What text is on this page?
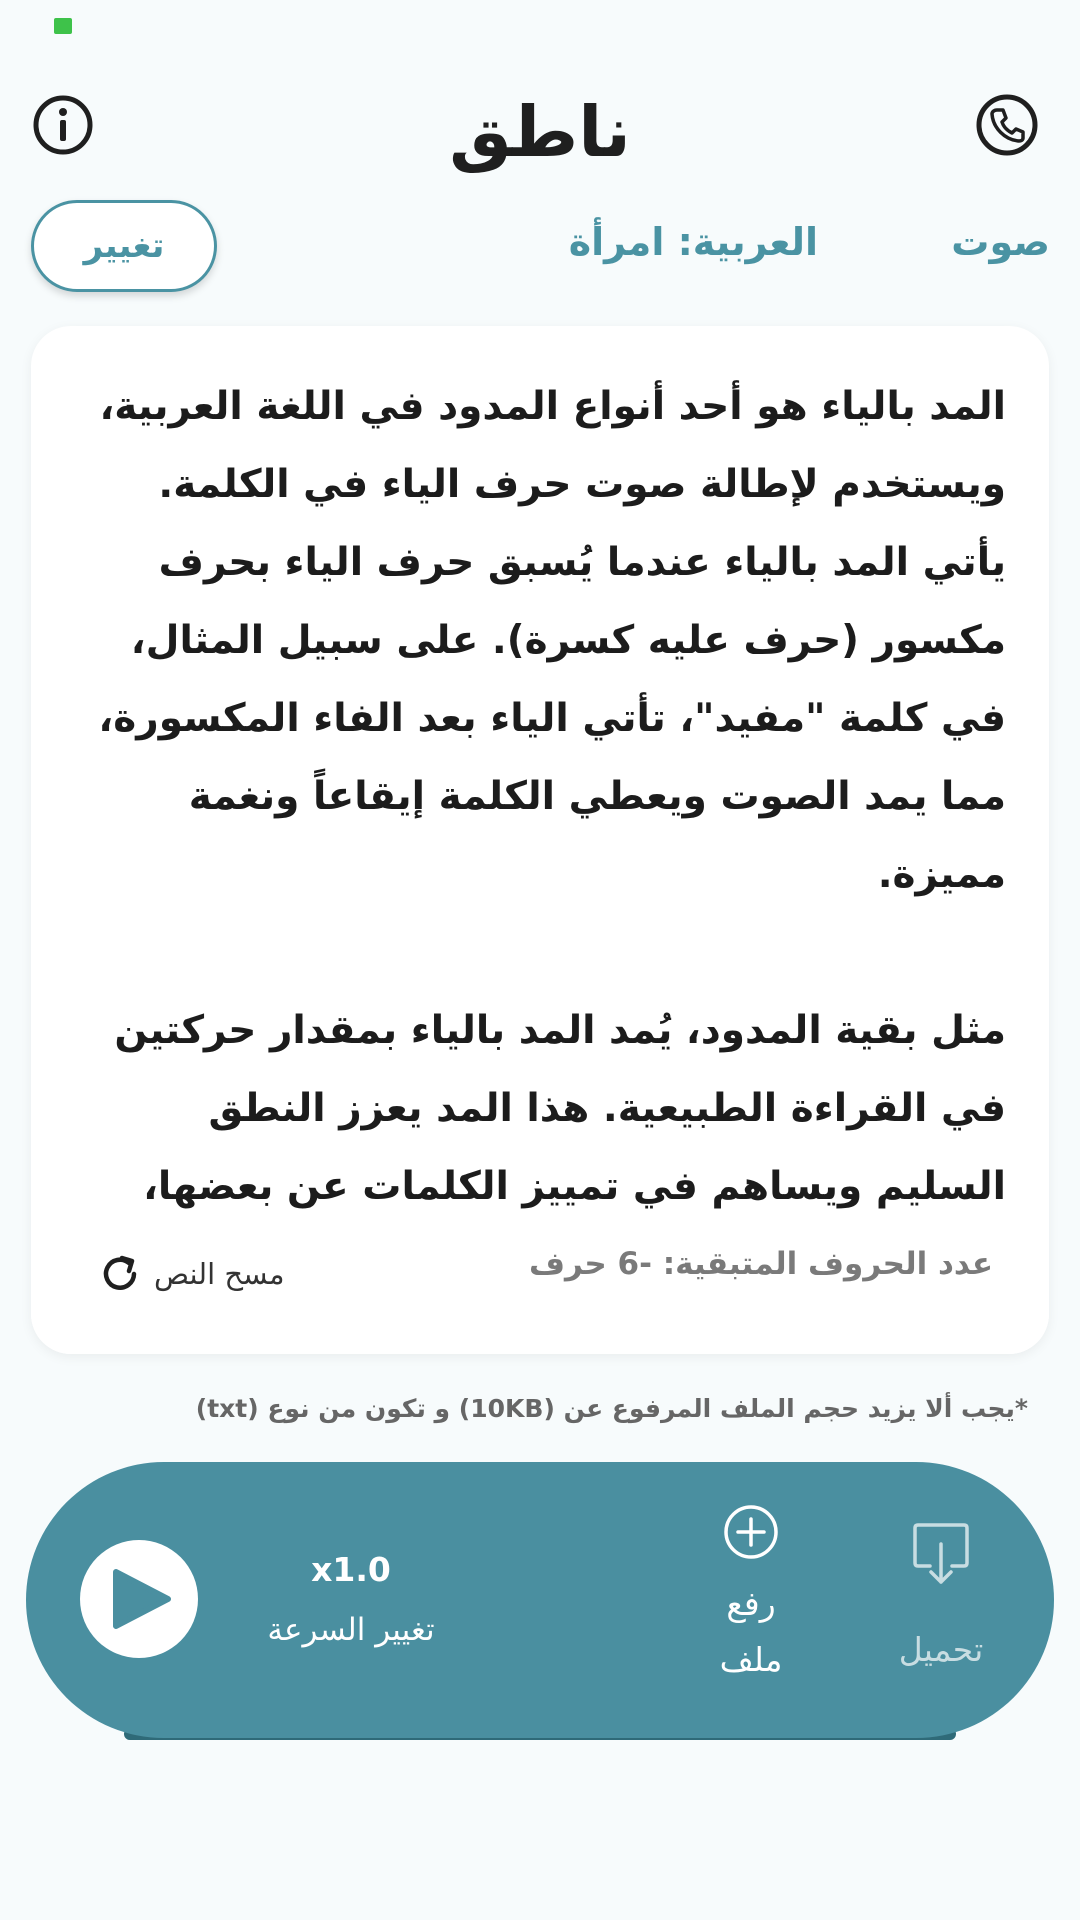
ناطق
صوت
العربية: امرأة
تغيير

المد بالياء هو أحد أنواع المدود في اللغة العربية، ويستخدم لإطالة صوت حرف الياء في الكلمة. يأتي المد بالياء عندما يُسبق حرف الياء بحرف مكسور (حرف عليه كسرة). على سبيل المثال، في كلمة "مفيد"، تأتي الياء بعد الفاء المكسورة، مما يمد الصوت ويعطي الكلمة إيقاعاً ونغمة مميزة.

مثل بقية المدود، يُمد المد بالياء بمقدار حركتين في القراءة الطبيعية. هذا المد يعزز النطق السليم ويساهم في تمييز الكلمات عن بعضها،

عدد الحروف المتبقية: -6 حرف
مسح النص
*يجب ألا يزيد حجم الملف المرفوع عن (10KB) و تكون من نوع (txt)
x1.0
تغيير السرعة
رفع ملف	تحميل
